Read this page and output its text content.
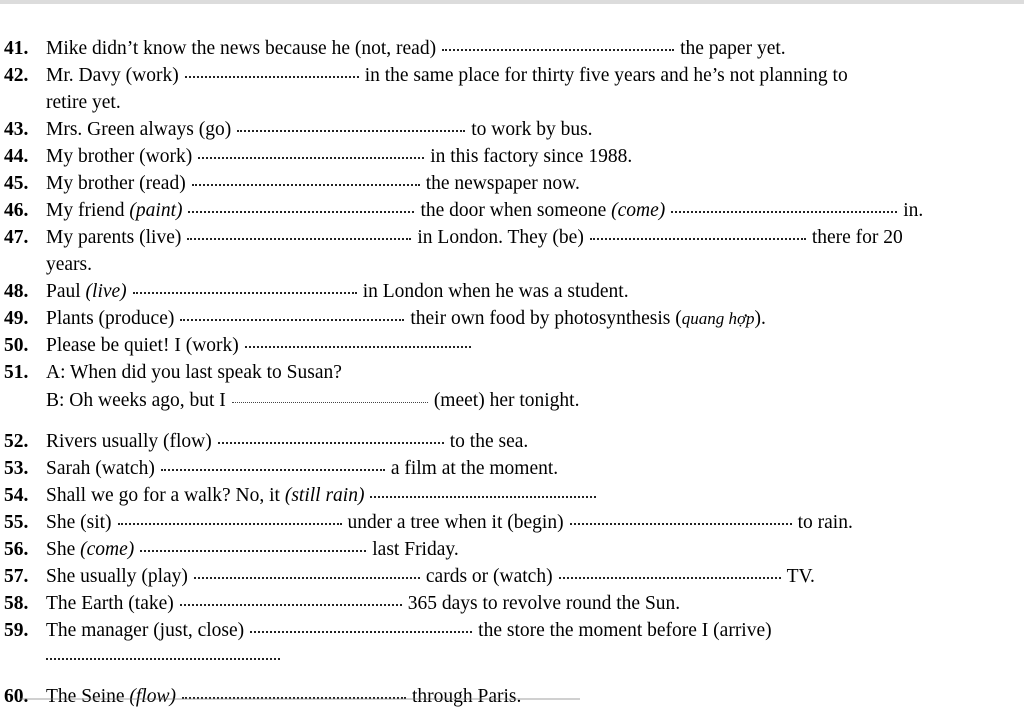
41. Mike didn’t know the news because he (not, read)	the paper yet.
42. Mr. Davy (work)	in the same place for thirty five years and he’s not planning to
retire yet.
43. Mrs. Green always (go)	to work by bus.
44. My brother (work)	in this factory since 1988.
45. My brother (read)	the newspaper now.
46. My friend (paint)	the door when someone (come)	in.
47. My parents (live)	in London. They (be)	there for 20
years.
48. Paul (live)	in London when he was a student.
49. Plants (produce)	their own food by photosynthesis (quang hợp).
50. Please be quiet! I (work)
51. A: When did you last speak to Susan?
B: Oh weeks ago, but I	(meet) her tonight.
52. Rivers usually (flow)	to the sea.
53. Sarah (watch)	a film at the moment.
54. Shall we go for a walk? No, it (still rain)
55. She (sit)	under a tree when it (begin)	to rain.
56. She (come)	last Friday.
57. She usually (play)	cards or (watch)	TV.
58. The Earth (take)	365 days to revolve round the Sun.
59. The manager (just, close)	the store the moment before I (arrive)
60. The Seine (flow)	through Paris.
